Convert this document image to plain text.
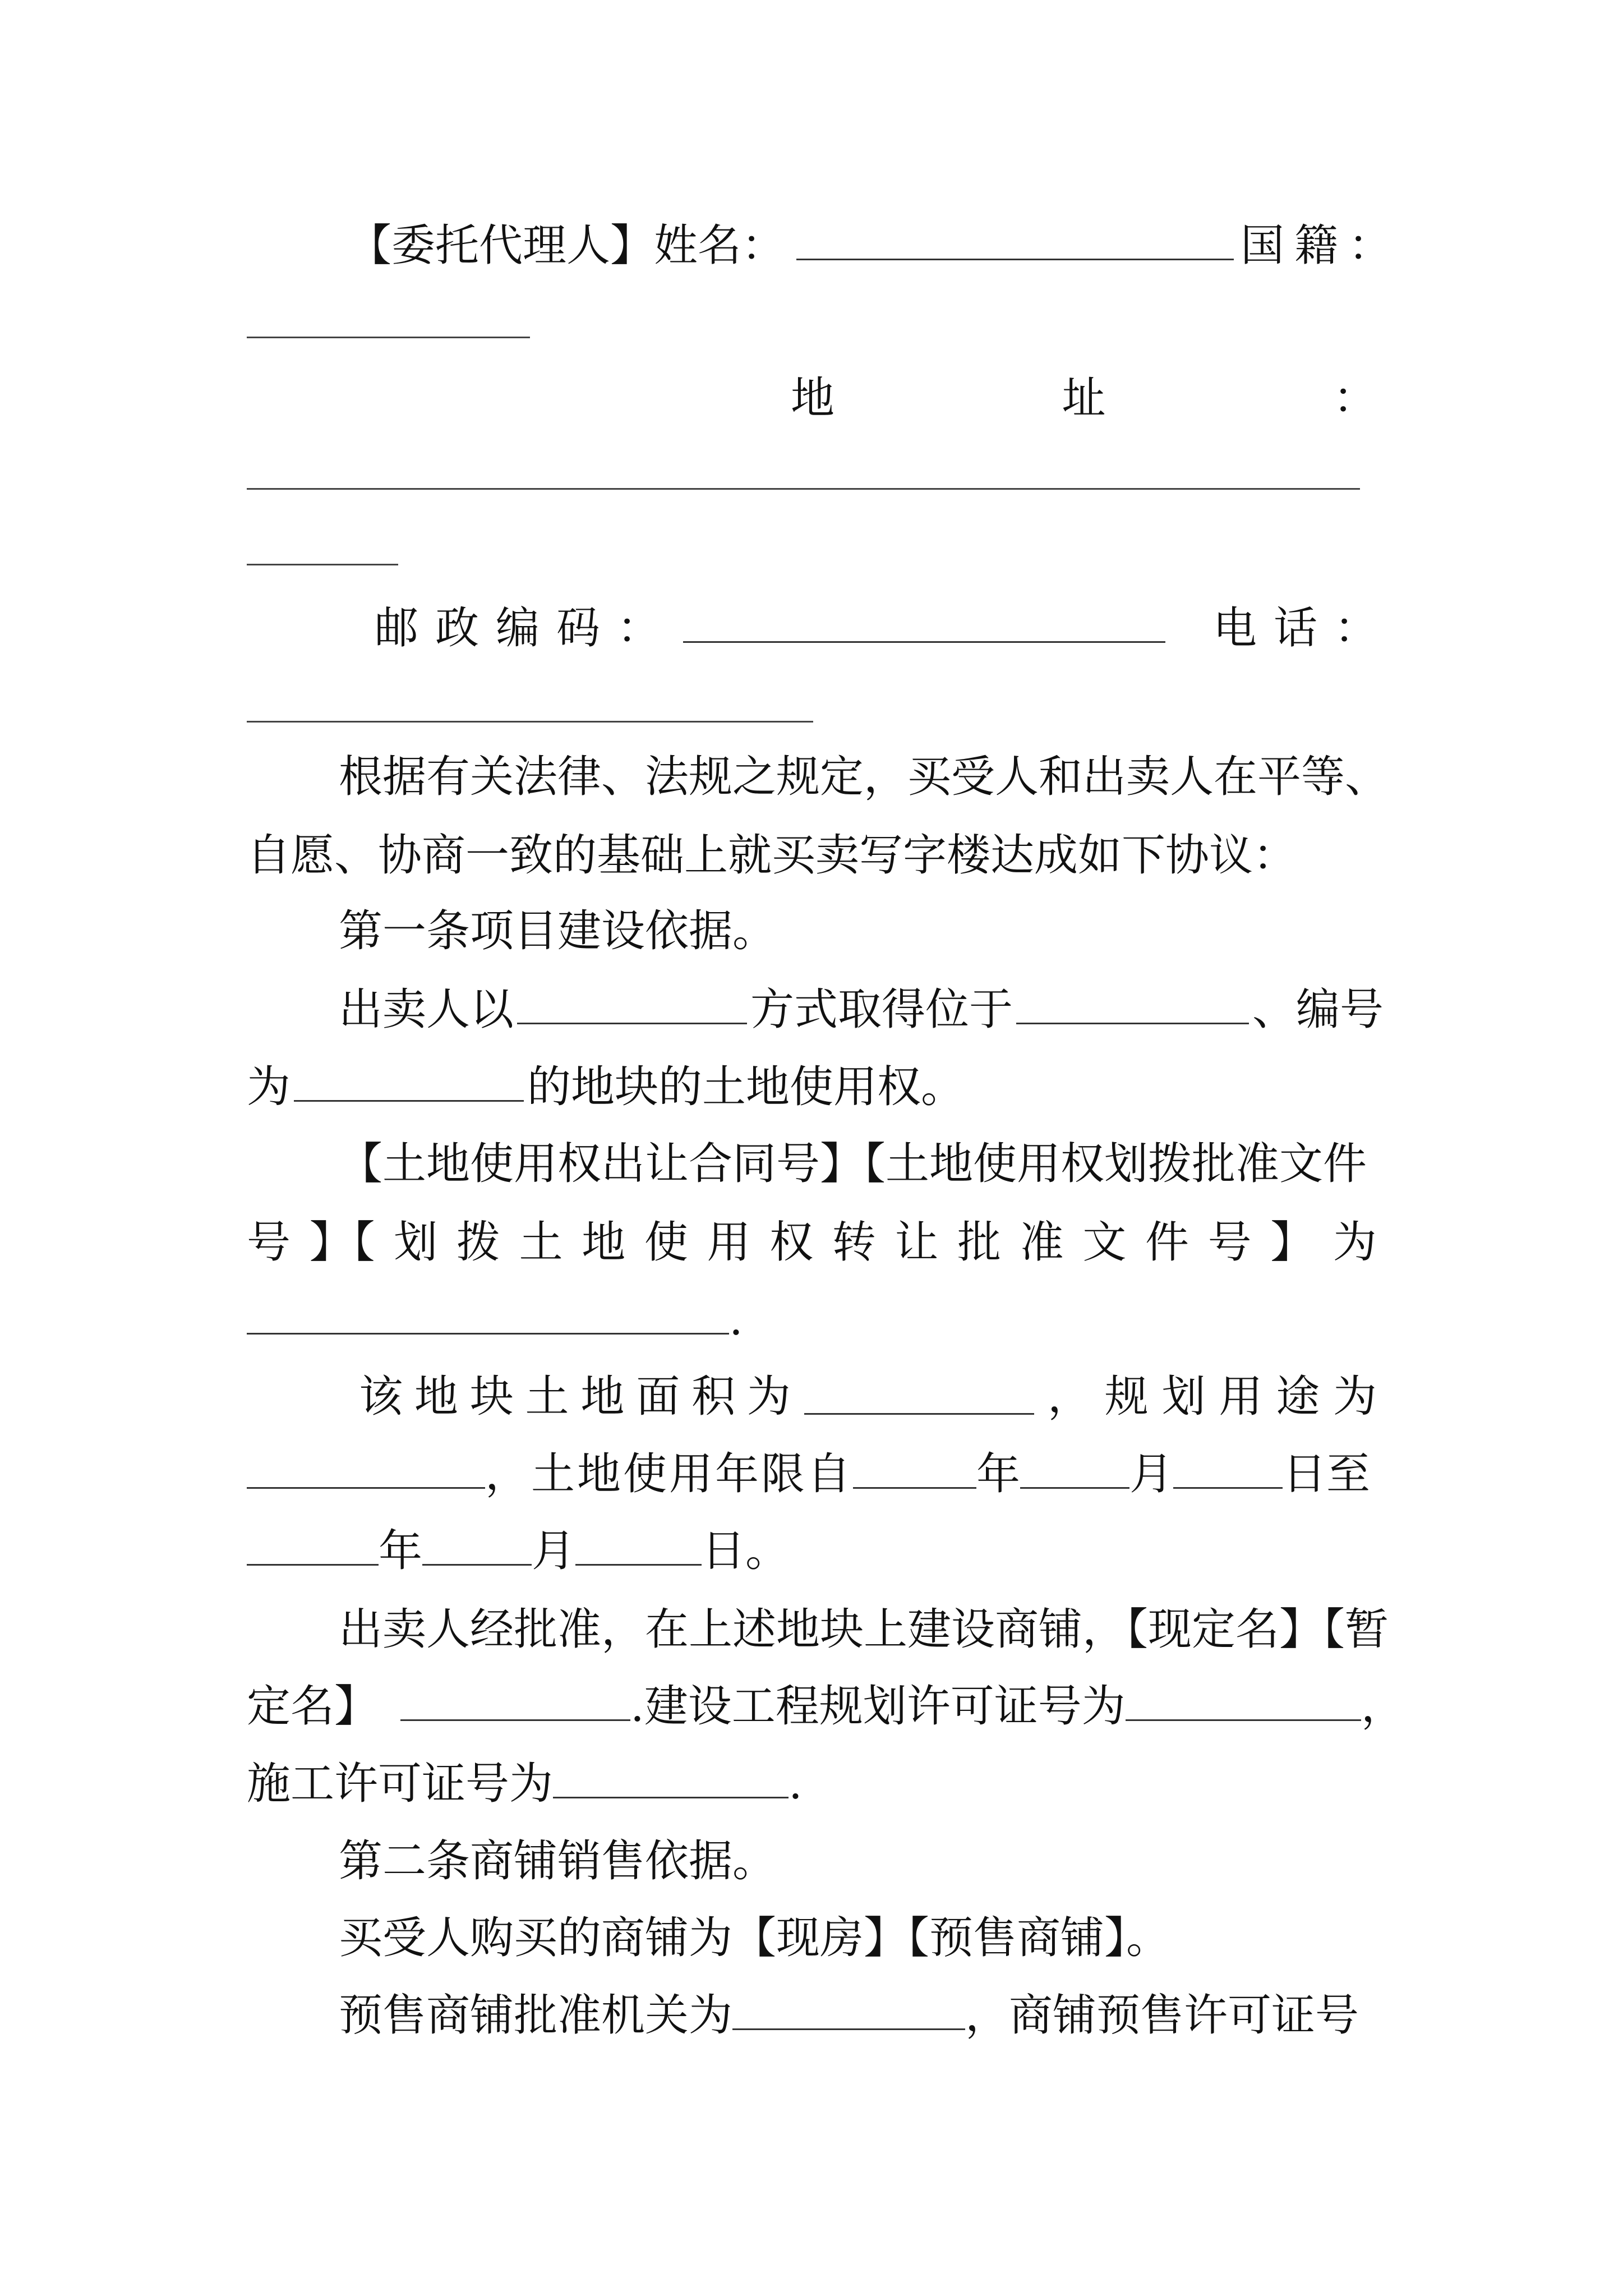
【委托代理人】姓名：	国籍：
地	址	：
邮政编码：	电话：
根据有关法律、法规之规定，买受人和出卖人在平等、
自愿、协商一致的基础上就买卖写字楼达成如下协议：
第一条项目建设依据。
出卖人以	方式取得位于	、编号
为	的地块的土地使用权。
【土地使用权出让合同号】【土地使用权划拨批准文件
号 】【 划 拨 土 地 使 用 权 转 让 批 准 文 件 号 】 为
.
该 地 块 土 地 面 积 为	， 规 划 用 途 为
，土地使用年限自	年	月	日至
年	月	日。
出卖人经批准，在上述地块上建设商铺，【现定名】【暂
定名】	.建设工程规划许可证号为	，
施工许可证号为	.
第二条商铺销售依据。
买受人购买的商铺为【现房】【预售商铺】。
预售商铺批准机关为	，商铺预售许可证号
